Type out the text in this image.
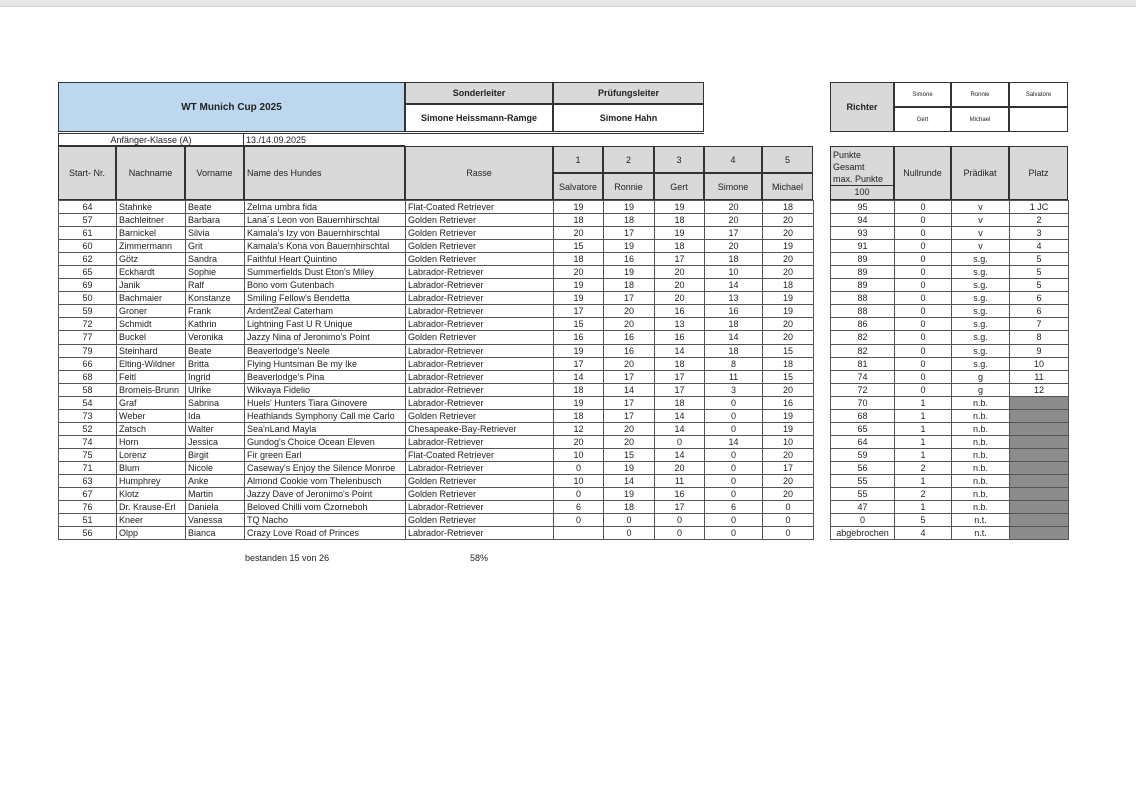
WT Munich Cup 2025
Sonderleiter	Prüfungsleiter
Simone Heissmann-Ramge	Simone Hahn
Richter
Simone	Ronnie	Salvatore
Gert	Michael
Anfänger-Klasse (A)	13./14.09.2025
Start- Nr.	Nachname	Vorname	Name des Hundes	Rasse
1	2	3	4	5
Salvatore	Ronnie	Gert	Simone	Michael
Punkte
Gesamt
max. Punkte
100
Nullrunde	Prädikat	Platz
64	Stahnke	Beate	Zelma umbra fida	Flat-Coated Retriever	19	19	19	20	18		95	0	v	1 JC
57	Bachleitner	Barbara	Lana´s Leon von Bauernhirschtal	Golden Retriever	18	18	18	20	20		94	0	v	2
61	Barnickel	Silvia	Kamala's Izy von Bauernhirschtal	Golden Retriever	20	17	19	17	20		93	0	v	3
60	Zimmermann	Grit	Kamala's Kona von Bauernhirschtal	Golden Retriever	15	19	18	20	19		91	0	v	4
62	Götz	Sandra	Faithful Heart Quintino	Golden Retriever	18	16	17	18	20		89	0	s.g.	5
65	Eckhardt	Sophie	Summerfields Dust Eton's Miley	Labrador-Retriever	20	19	20	10	20		89	0	s.g.	5
69	Janik	Ralf	Bono vom Gutenbach	Labrador-Retriever	19	18	20	14	18		89	0	s.g.	5
50	Bachmaier	Konstanze	Smiling Fellow's Bendetta	Labrador-Retriever	19	17	20	13	19		88	0	s.g.	6
59	Groner	Frank	ArdentZeal Caterham	Labrador-Retriever	17	20	16	16	19		88	0	s.g.	6
72	Schmidt	Kathrin	Lightning Fast U R Unique	Labrador-Retriever	15	20	13	18	20		86	0	s.g.	7
77	Buckel	Veronika	Jazzy Nina of Jeronimo's Point	Golden Retriever	16	16	16	14	20		82	0	s.g.	8
79	Steinhard	Beate	Beaverlodge's Neele	Labrador-Retriever	19	16	14	18	15		82	0	s.g.	9
66	Elting-Wildner	Britta	Flying Huntsman Be my Ike	Labrador-Retriever	17	20	18	8	18		81	0	s.g.	10
68	Feitl	Ingrid	Beaverlodge's Pina	Labrador-Retriever	14	17	17	11	15		74	0	g	11
58	Bromeis-Brunn	Ulrike	Wikvaya Fidelio	Labrador-Retriever	18	14	17	3	20		72	0	g	12
54	Graf	Sabrina	Huels' Hunters Tiara Ginovere	Labrador-Retriever	19	17	18	0	16		70	1	n.b.	
73	Weber	Ida	Heathlands Symphony Call me Carlo	Golden Retriever	18	17	14	0	19		68	1	n.b.	
52	Zatsch	Walter	Sea'nLand Mayla	Chesapeake-Bay-Retriever	12	20	14	0	19		65	1	n.b.	
74	Horn	Jessica	Gundog's Choice Ocean Eleven	Labrador-Retriever	20	20	0	14	10		64	1	n.b.	
75	Lorenz	Birgit	Fir green Earl	Flat-Coated Retriever	10	15	14	0	20		59	1	n.b.	
71	Blum	Nicole	Caseway's Enjoy the Silence Monroe	Labrador-Retriever	0	19	20	0	17		56	2	n.b.	
63	Humphrey	Anke	Almond Cookie vom Thelenbusch	Golden Retriever	10	14	11	0	20		55	1	n.b.	
67	Klotz	Martin	Jazzy Dave of Jeronimo's Point	Golden Retriever	0	19	16	0	20		55	2	n.b.	
76	Dr. Krause-Erl	Daniela	Beloved Chilli vom Czorneboh	Labrador-Retriever	6	18	17	6	0		47	1	n.b.	
51	Kneer	Vanessa	TQ Nacho	Golden Retriever	0	0	0	0	0		0	5	n.t.	
56	Olpp	Bianca	Crazy Love Road of Princes	Labrador-Retriever		0	0	0	0		abgebrochen	4	n.t.	
bestanden 15 von 26	58%
